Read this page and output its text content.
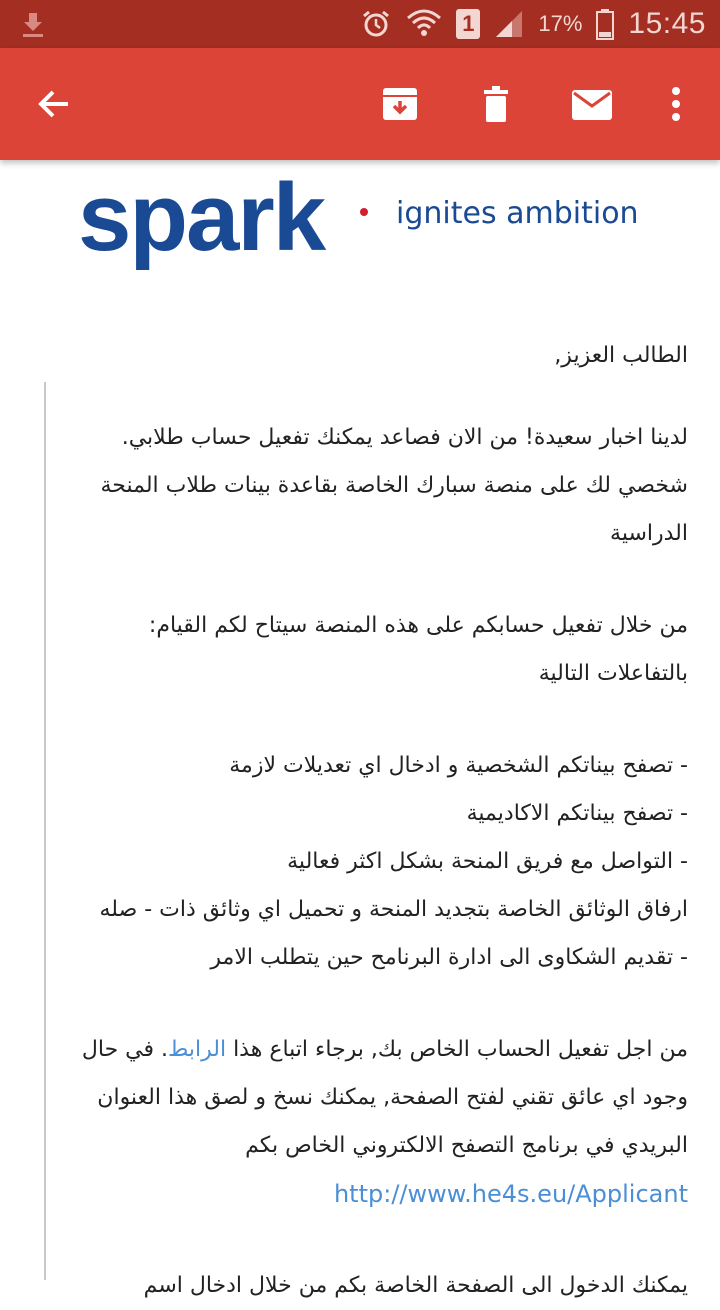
1	17% 15:45
spark ignites ambition
الطالب العزيز,

لدينا اخبار سعيدة! من الان فصاعد يمكنك تفعيل حساب طلابي. شخصي لك على منصة سبارك الخاصة بقاعدة بينات طلاب المنحة الدراسية

من خلال تفعيل حسابكم على هذه المنصة سيتاح لكم القيام: بالتفاعلات التالية

- تصفح بيناتكم الشخصية و ادخال اي تعديلات لازمة

- تصفح بيناتكم الاكاديمية

- التواصل مع فريق المنحة بشكل اكثر فعالية

ارفاق الوثائق الخاصة بتجديد المنحة و تحميل اي وثائق ذات - صله

- تقديم الشكاوى الى ادارة البرنامح حين يتطلب الامر

من اجل تفعيل الحساب الخاص بك, برجاء اتباع هذا الرابط. في حال وجود اي عائق تقني لفتح الصفحة, يمكنك نسخ و لصق هذا العنوان البريدي في برنامج التصفح الالكتروني الخاص بكم

http://www.he4s.eu/Applicant

يمكنك الدخول الى الصفحة الخاصة بكم من خلال ادخال اسم
